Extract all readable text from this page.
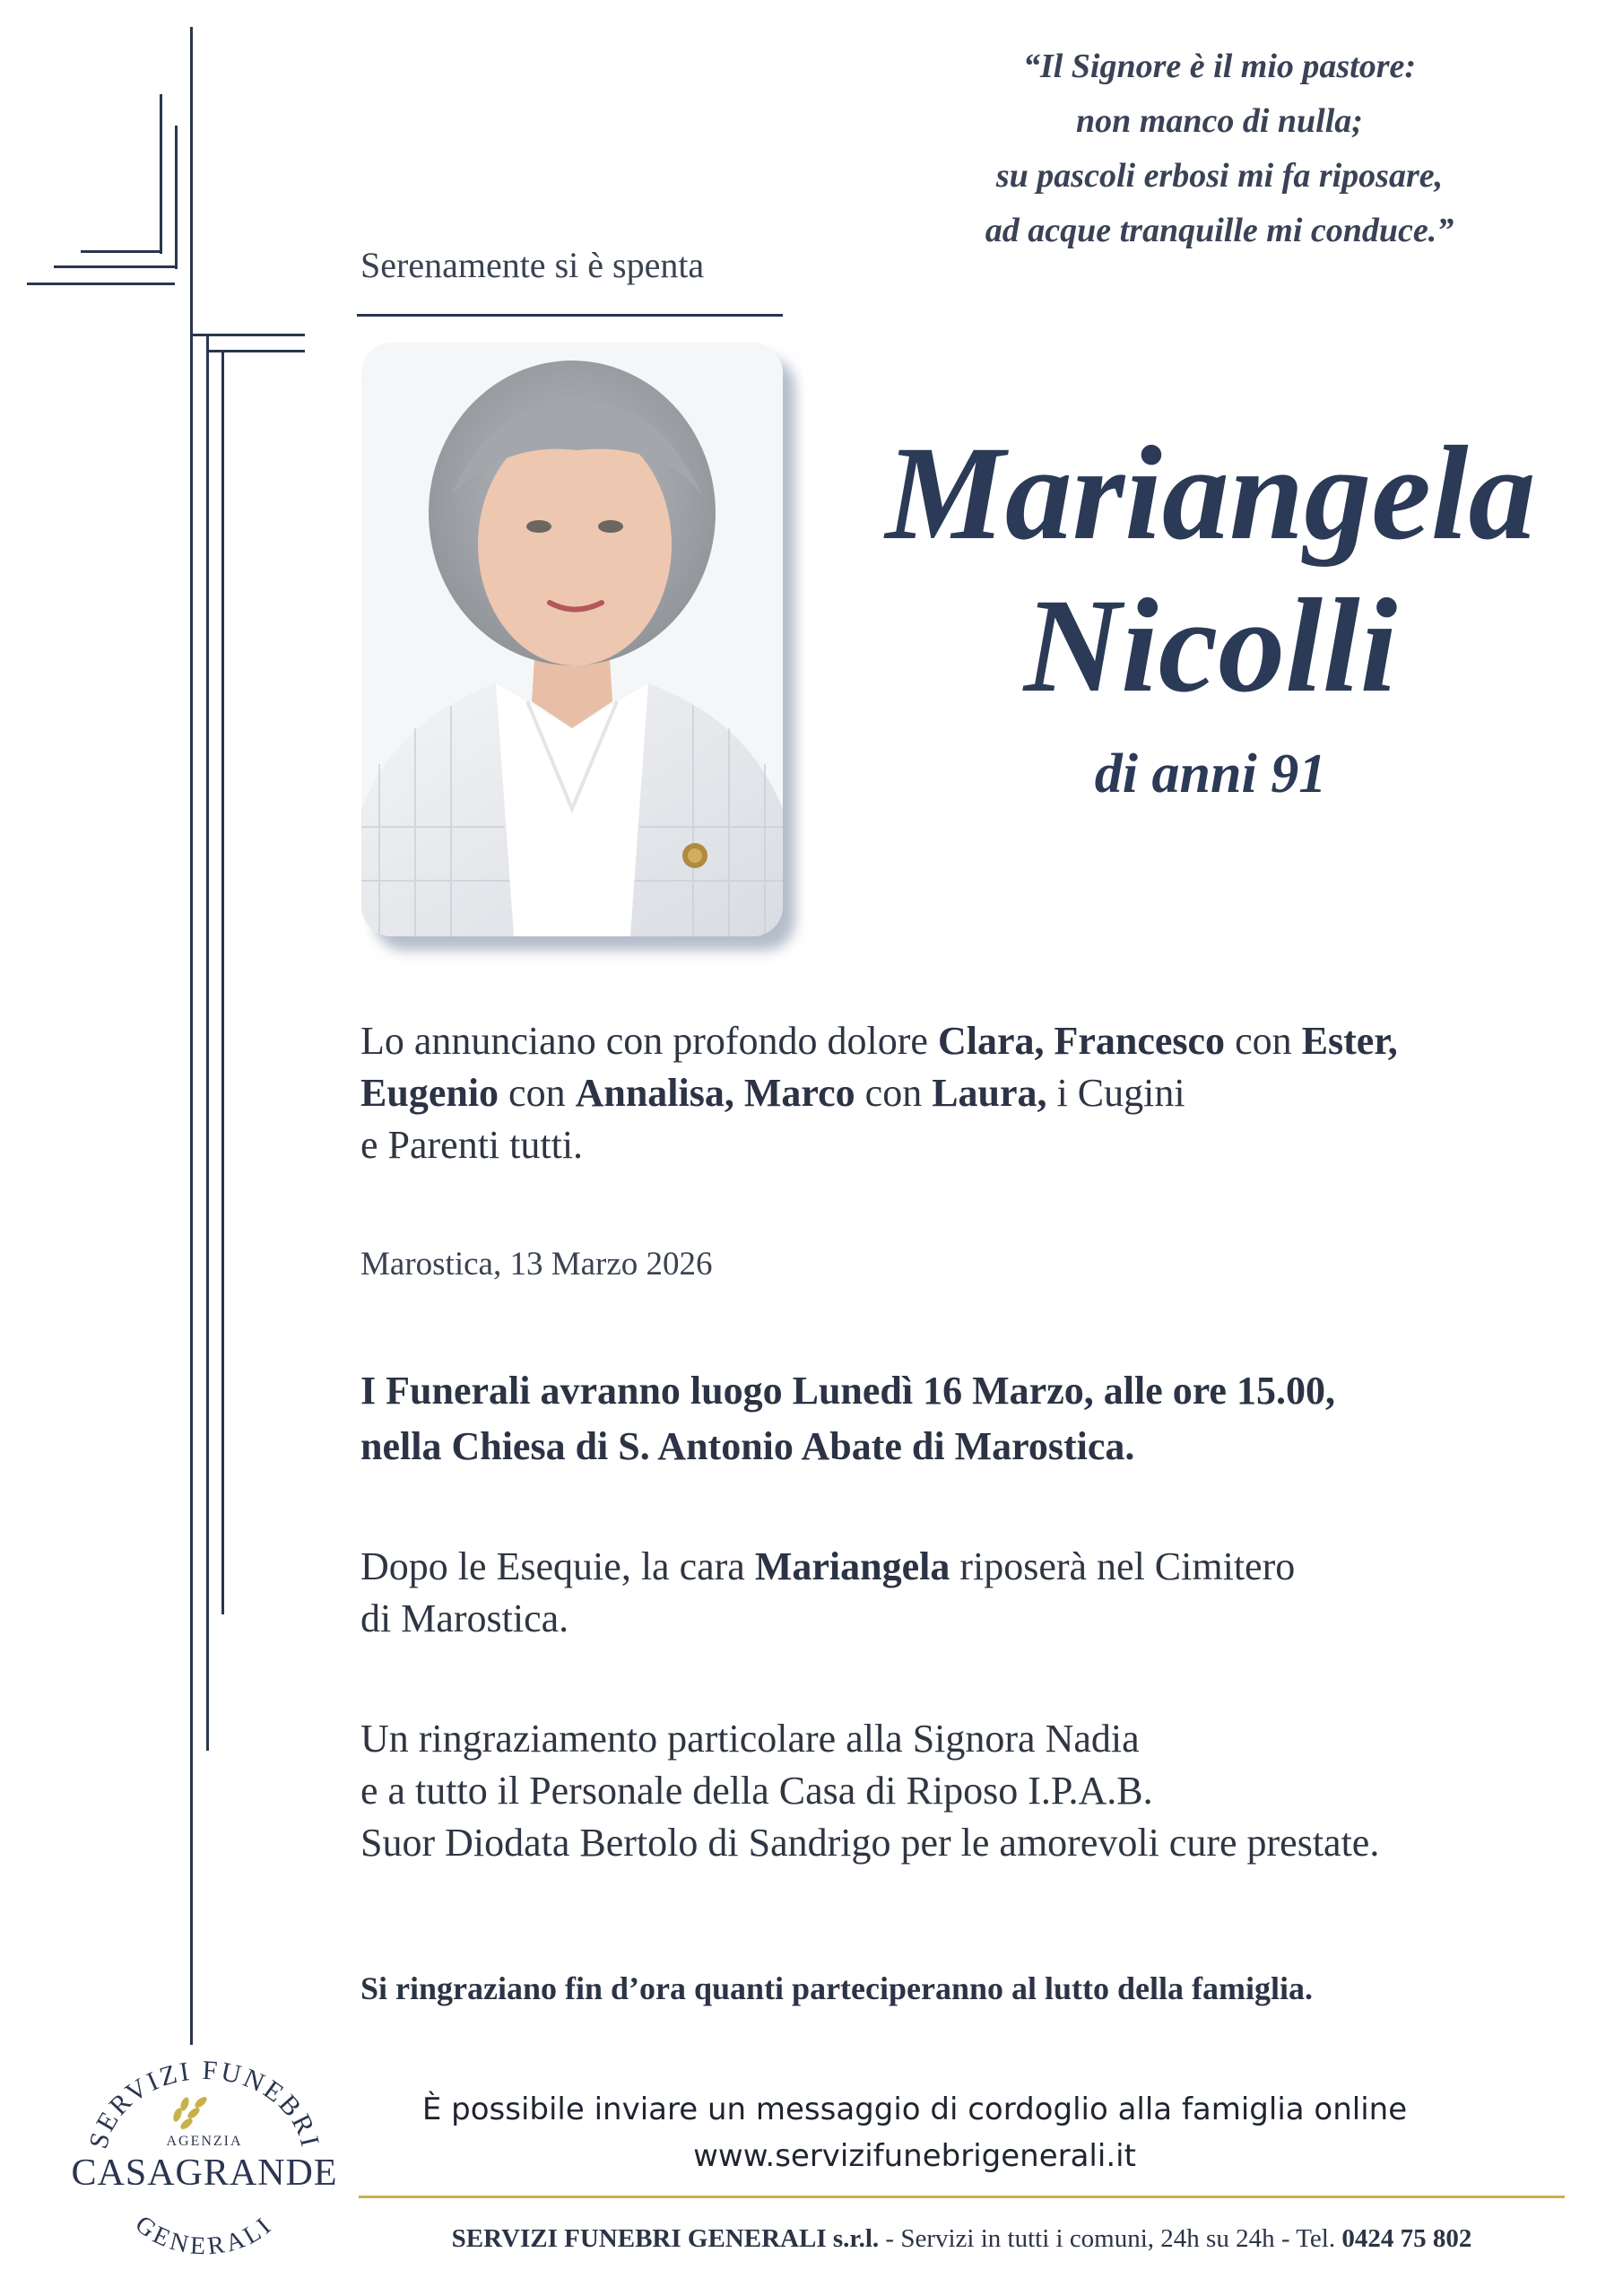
“Il Signore è il mio pastore:
non manco di nulla;
su pascoli erbosi mi fa riposare,
ad acque tranquille mi conduce.”
Serenamente si è spenta
Mariangela
Nicolli
di anni 91
Lo annunciano con profondo dolore Clara, Francesco con Ester,
Eugenio con Annalisa, Marco con Laura, i Cugini
e Parenti tutti.
Marostica, 13 Marzo 2026
I Funerali avranno luogo Lunedì 16 Marzo, alle ore 15.00,
nella Chiesa di S. Antonio Abate di Marostica.
Dopo le Esequie, la cara Mariangela riposerà nel Cimitero
di Marostica.
Un ringraziamento particolare alla Signora Nadia
e a tutto il Personale della Casa di Riposo I.P.A.B.
Suor Diodata Bertolo di Sandrigo per le amorevoli cure prestate.
Si ringraziano fin d’ora quanti parteciperanno al lutto della famiglia.
È possibile inviare un messaggio di cordoglio alla famiglia online
www.servizifunebrigenerali.it
SERVIZI FUNEBRI GENERALI s.r.l. - Servizi in tutti i comuni, 24h su 24h - Tel. 0424 75 802
SERVIZI FUNEBRI
AGENZIA
CASAGRANDE
GENERALI
